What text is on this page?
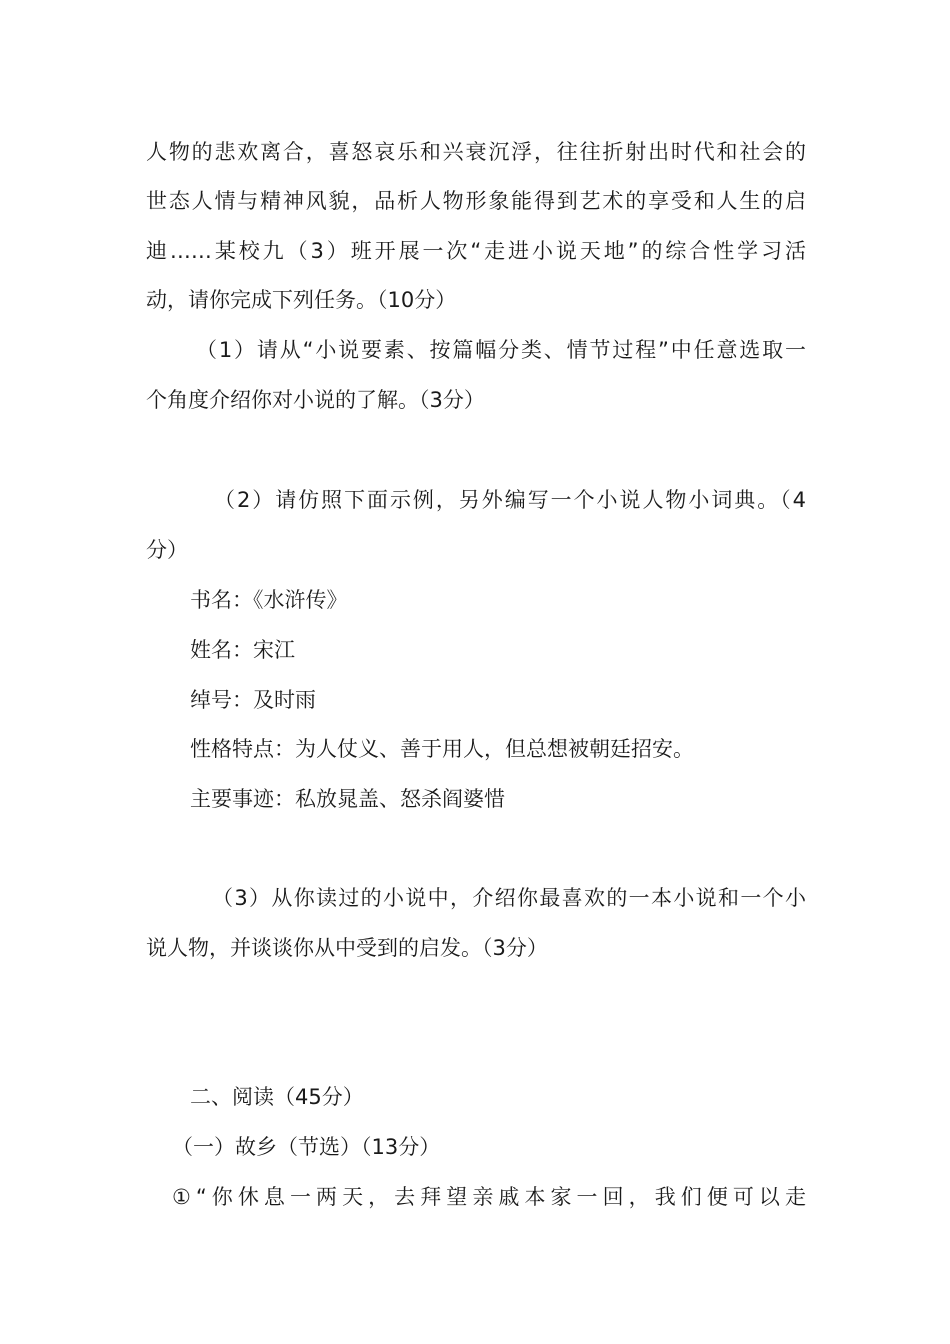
人物的悲欢离合，喜怒哀乐和兴衰沉浮，往往折射出时代和社会的
世态人情与精神风貌，品析人物形象能得到艺术的享受和人生的启
迪……某校九（3）班开展一次“走进小说天地”的综合性学习活
动，请你完成下列任务。（10分）
（1）请从“小说要素、按篇幅分类、情节过程”中任意选取一
个角度介绍你对小说的了解。（3分）
（2）请仿照下面示例，另外编写一个小说人物小词典。（4
分）
书名：《水浒传》
姓名：宋江
绰号：及时雨
性格特点：为人仗义、善于用人，但总想被朝廷招安。
主要事迹：私放晁盖、怒杀阎婆惜
（3）从你读过的小说中，介绍你最喜欢的一本小说和一个小
说人物，并谈谈你从中受到的启发。（3分）
二、阅读（45分）
（一）故乡（节选）（13分）
①“你休息一两天，去拜望亲戚本家一回，我们便可以走
